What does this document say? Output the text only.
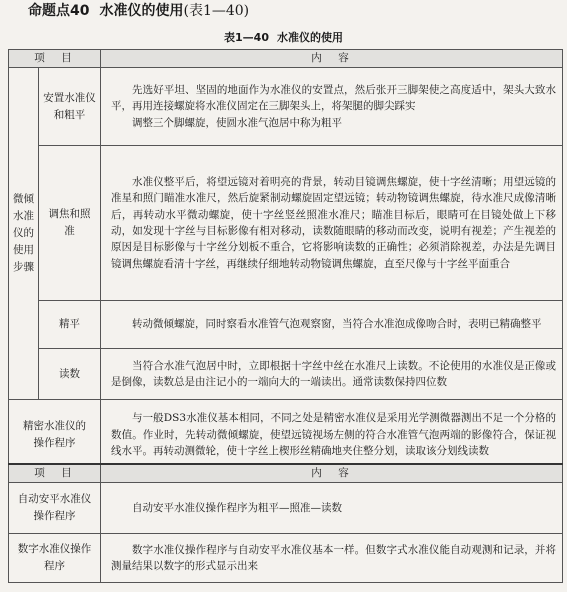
命题点40 水准仪的使用(表1—40)
表1—40 水准仪的使用
项　目		内　容
微倾水准仪的使用步骤	安置水准仪和粗平	先选好平坦、坚固的地面作为水准仪的安置点，然后张开三脚架使之高度适中，架头大致水平，再用连接螺旋将水准仪固定在三脚架头上，将架腿的脚尖踩实
调整三个脚螺旋，使圆水准气泡居中称为粗平

	调焦和照准	水准仪整平后，将望远镜对着明亮的背景，转动目镜调焦螺旋，使十字丝清晰；用望远镜的准星和照门瞄准水准尺，然后旋紧制动螺旋固定望远镜；转动物镜调焦螺旋，待水准尺成像清晰后，再转动水平微动螺旋，使十字丝竖丝照准水准尺；瞄准目标后，眼睛可在目镜处做上下移动，如发现十字丝与目标影像有相对移动，读数随眼睛的移动而改变，说明有视差；产生视差的原因是目标影像与十字丝分划板不重合，它将影响读数的正确性；必须消除视差，办法是先调目镜调焦螺旋看清十字丝，再继续仔细地转动物镜调焦螺旋，直至尺像与十字丝平面重合
	精平	转动微倾螺旋，同时察看水准管气泡观察窗，当符合水准泡成像吻合时，表明已精确整平
	读数	当符合水准气泡居中时，立即根据十字丝中丝在水准尺上读数。不论使用的水准仪是正像或是倒像，读数总是由注记小的一端向大的一端读出。通常读数保持四位数
精密水准仪的操作程序		与一般DS3水准仪基本相同，不同之处是精密水准仪是采用光学测微器测出不足一个分格的数值。作业时，先转动微倾螺旋，使望远镜视场左侧的符合水准管气泡两端的影像符合，保证视线水平。再转动测微轮，使十字丝上楔形丝精确地夹住整分划，读取该分划线读数
项　目	内　容
自动安平水准仪操作程序	自动安平水准仪操作程序为粗平—照准—读数
数字水准仪操作程序	数字水准仪操作程序与自动安平水准仪基本一样。但数字式水准仪能自动观测和记录，并将测量结果以数字的形式显示出来
